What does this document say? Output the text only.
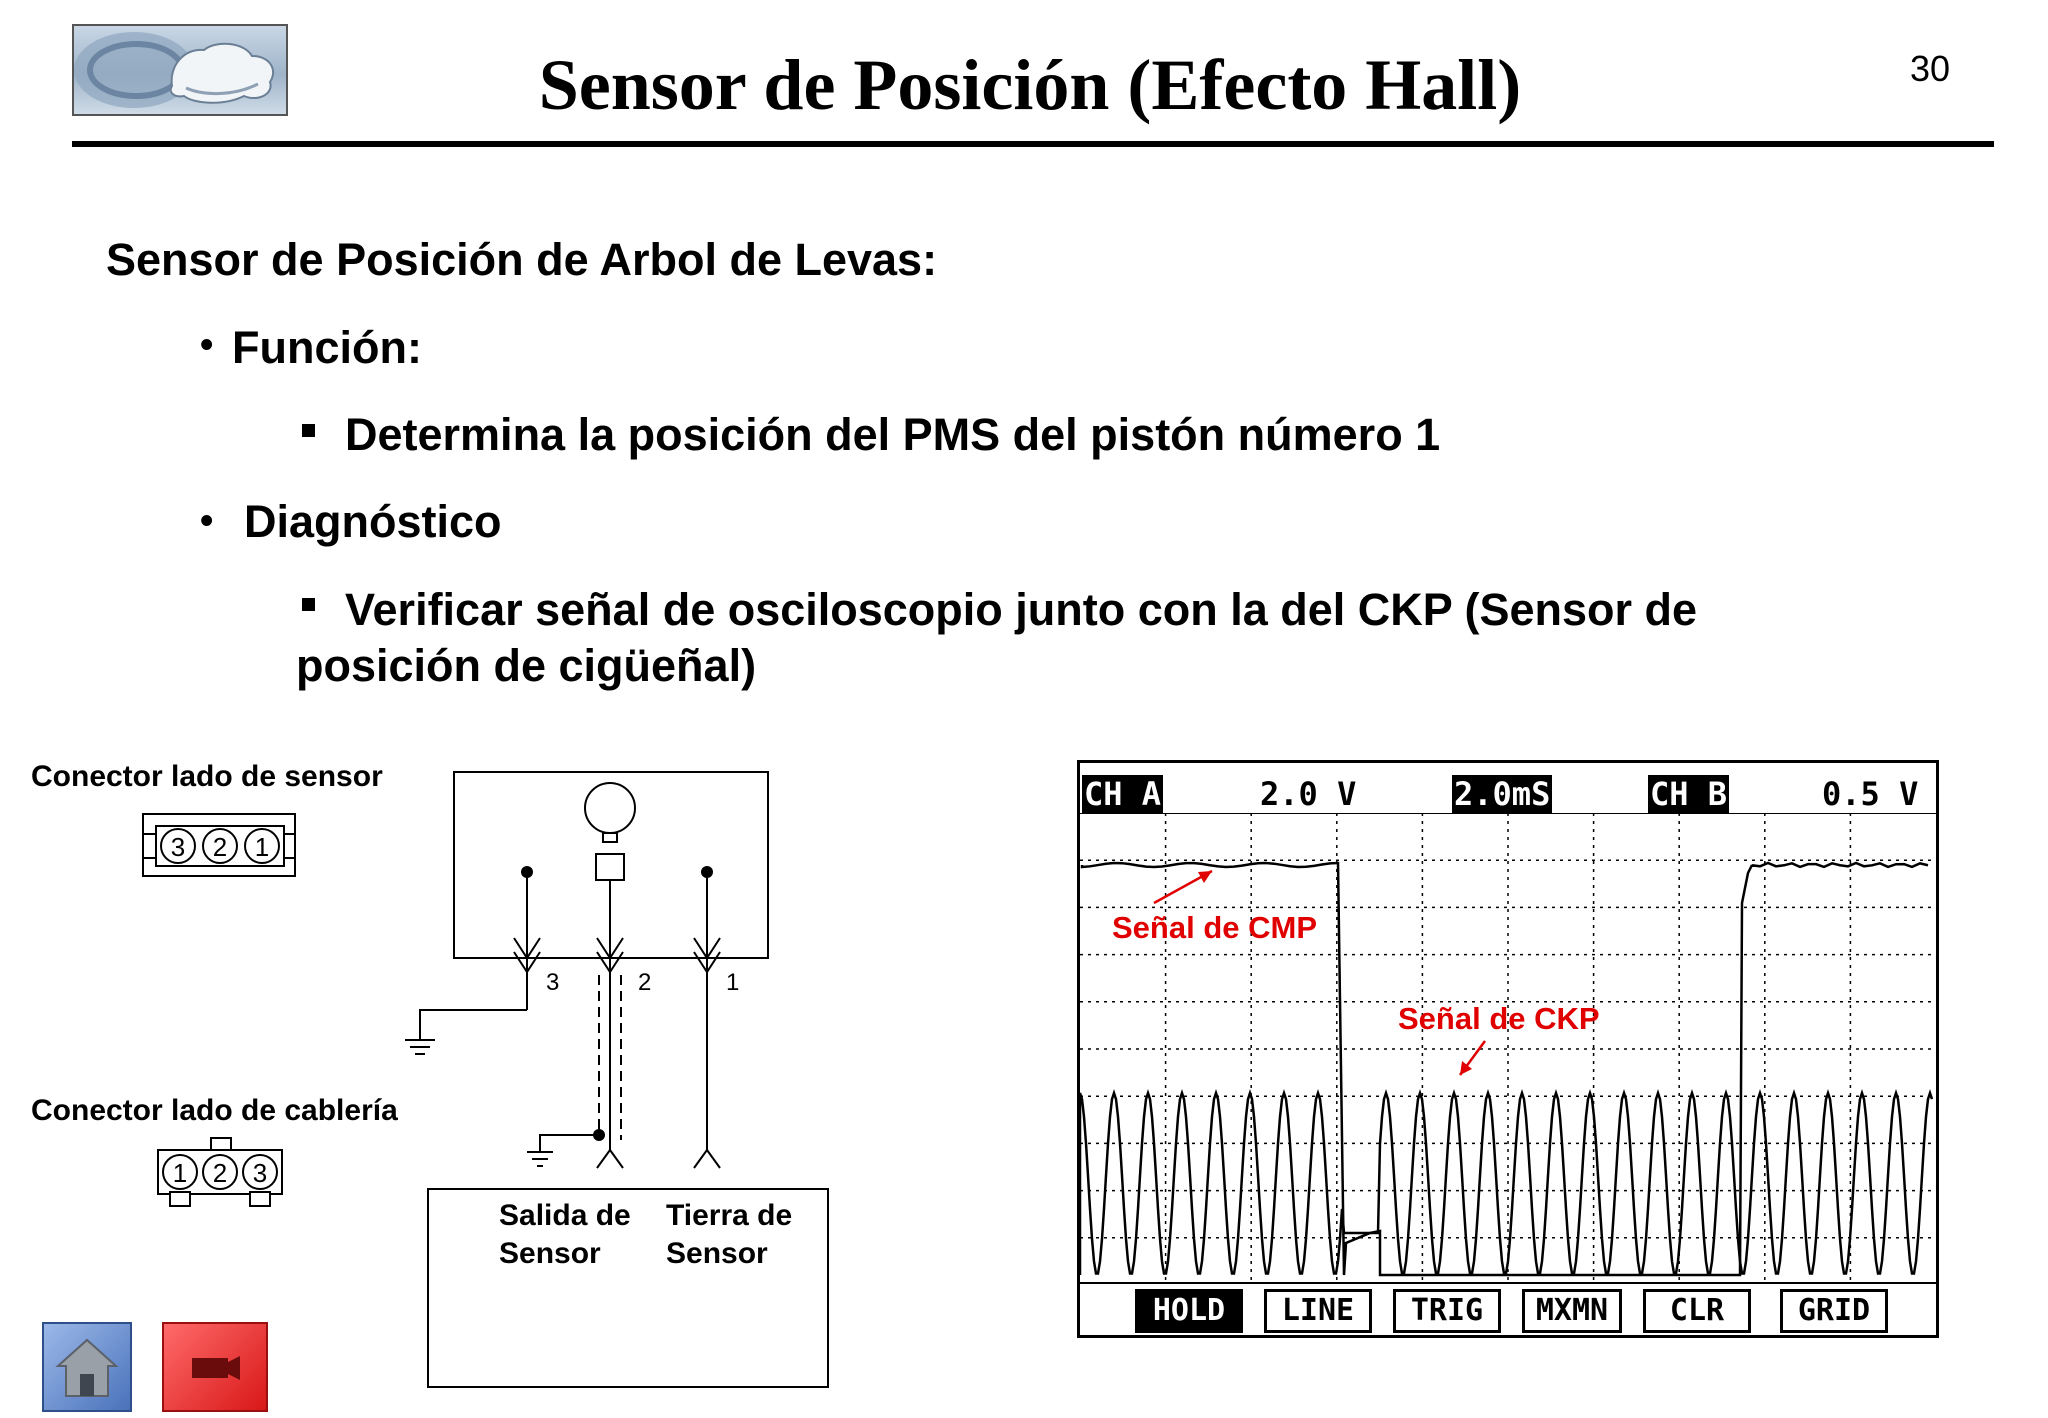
Sensor de Posición (Efecto Hall)	30
Sensor de Posición de Arbol de Levas:
• Función:
Determina la posición del PMS del pistón número 1
• Diagnóstico
Verificar señal de osciloscopio junto con la del CKP (Sensor de
posición de cigüeñal)
Conector lado de sensor
Conector lado de cablería
3 2 1
1 2 3
3	2	1
Salida de
Sensor
Tierra de
Sensor
CH A	2.0 V	2.0mS	CH B	0.5 V
Señal de CMP
Señal de CKP
HOLD	LINE	TRIG	MXMN	CLR	GRID
